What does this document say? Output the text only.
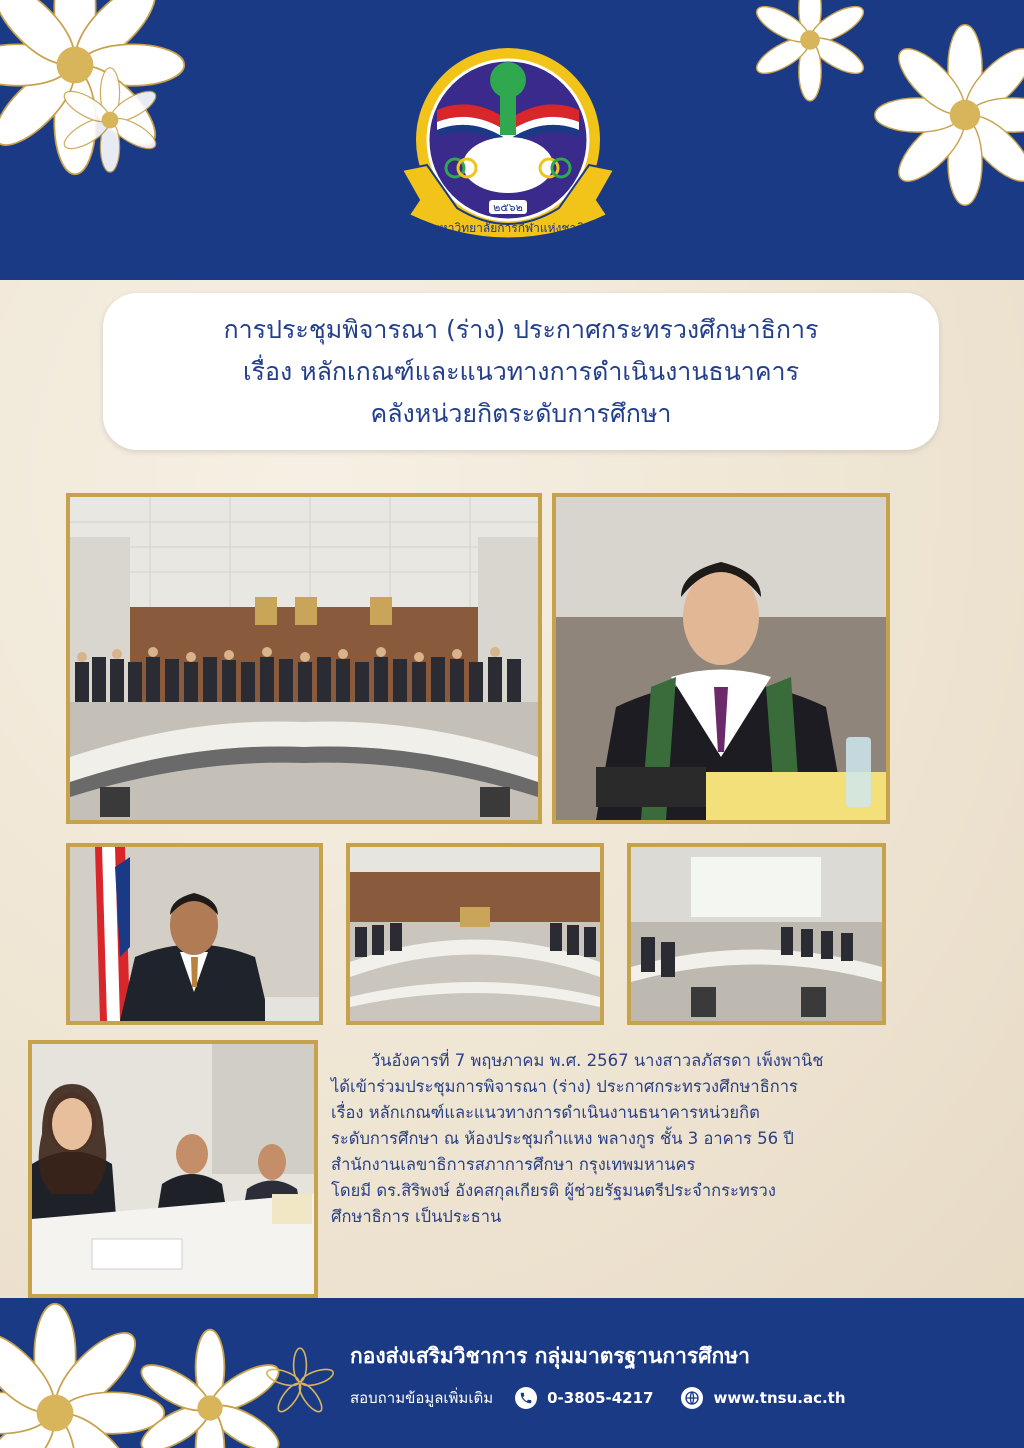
๒๕๖๒
มหาวิทยาลัยการกีฬาแห่งชาติ
การประชุมพิจารณา (ร่าง) ประกาศกระทรวงศึกษาธิการ
เรื่อง หลักเกณฑ์และแนวทางการดำเนินงานธนาคาร
คลังหน่วยกิตระดับการศึกษา
วันอังคารที่ 7 พฤษภาคม พ.ศ. 2567 นางสาวลภัสรดา เพ็งพานิช
ได้เข้าร่วมประชุมการพิจารณา (ร่าง) ประกาศกระทรวงศึกษาธิการ
เรื่อง หลักเกณฑ์และแนวทางการดำเนินงานธนาคารหน่วยกิต
ระดับการศึกษา ณ ห้องประชุมกำแหง พลางกูร ชั้น 3 อาคาร 56 ปี
สำนักงานเลขาธิการสภาการศึกษา กรุงเทพมหานคร
โดยมี ดร.สิริพงษ์ อังคสกุลเกียรติ ผู้ช่วยรัฐมนตรีประจำกระทรวง
ศึกษาธิการ เป็นประธาน
กองส่งเสริมวิชาการ กลุ่มมาตรฐานการศึกษา
สอบถามข้อมูลเพิ่มเติม	0-3805-4217	www.tnsu.ac.th
